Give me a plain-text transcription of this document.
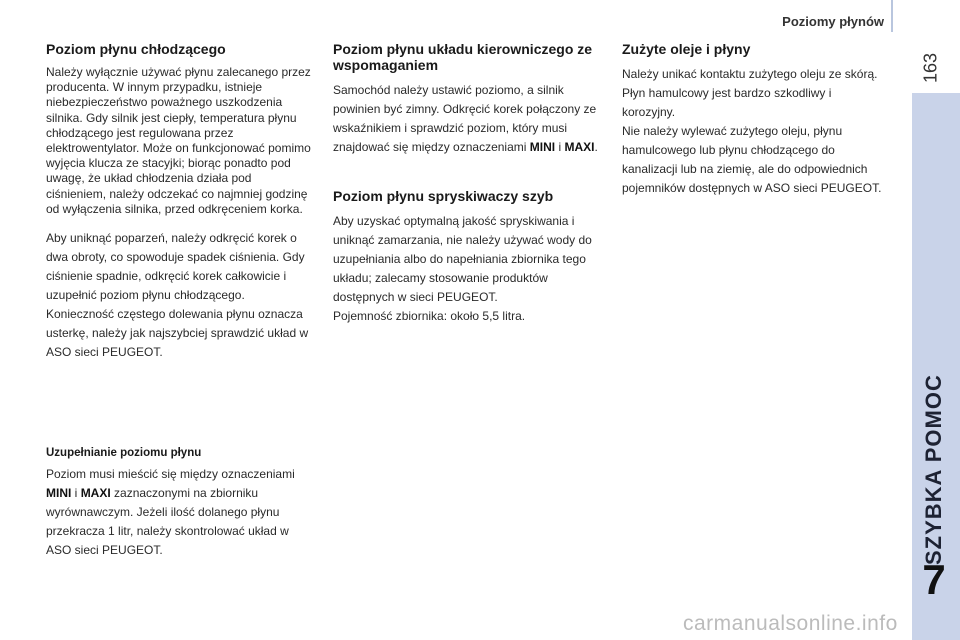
Poziomy płynów
163
SZYBKA POMOC
7
Poziom płynu chłodzącego

Należy wyłącznie używać płynu zalecanego przez producenta. W innym przypadku, istnieje niebezpieczeństwo poważnego uszkodzenia silnika. Gdy silnik jest ciepły, temperatura płynu chłodzącego jest regulowana przez elektrowentylator. Może on funkcjonować pomimo wyjęcia klucza ze stacyjki; biorąc ponadto pod uwagę, że układ chłodzenia działa pod ciśnieniem, należy odczekać co najmniej godzinę od wyłączenia silnika, przed odkręceniem korka.

Aby uniknąć poparzeń, należy odkręcić korek o dwa obroty, co spowoduje spadek ciśnienia. Gdy ciśnienie spadnie, odkręcić korek całkowicie i uzupełnić poziom płynu chłodzącego.

Konieczność częstego dolewania płynu oznacza usterkę, należy jak najszybciej sprawdzić układ w ASO sieci PEUGEOT.

Uzupełnianie poziomu płynu

Poziom musi mieścić się między oznaczeniami MINI i MAXI zaznaczonymi na zbiorniku wyrównawczym. Jeżeli ilość dolanego płynu przekracza 1 litr, należy skontrolować układ w ASO sieci PEUGEOT.

Poziom płynu układu kierowniczego ze wspomaganiem

Samochód należy ustawić poziomo, a silnik powinien być zimny. Odkręcić korek połączony ze wskaźnikiem i sprawdzić poziom, który musi znajdować się między oznaczeniami MINI i MAXI.

Poziom płynu spryskiwaczy szyb

Aby uzyskać optymalną jakość spryskiwania i uniknąć zamarzania, nie należy używać wody do uzupełniania albo do napełniania zbiornika tego układu; zalecamy stosowanie produktów dostępnych w sieci PEUGEOT.

Pojemność zbiornika: około 5,5 litra.

Zużyte oleje i płyny

Należy unikać kontaktu zużytego oleju ze skórą.

Płyn hamulcowy jest bardzo szkodliwy i korozyjny.

Nie należy wylewać zużytego oleju, płynu hamulcowego lub płynu chłodzącego do kanalizacji lub na ziemię, ale do odpowiednich pojemników dostępnych w ASO sieci PEUGEOT.

carmanualsonline.info
